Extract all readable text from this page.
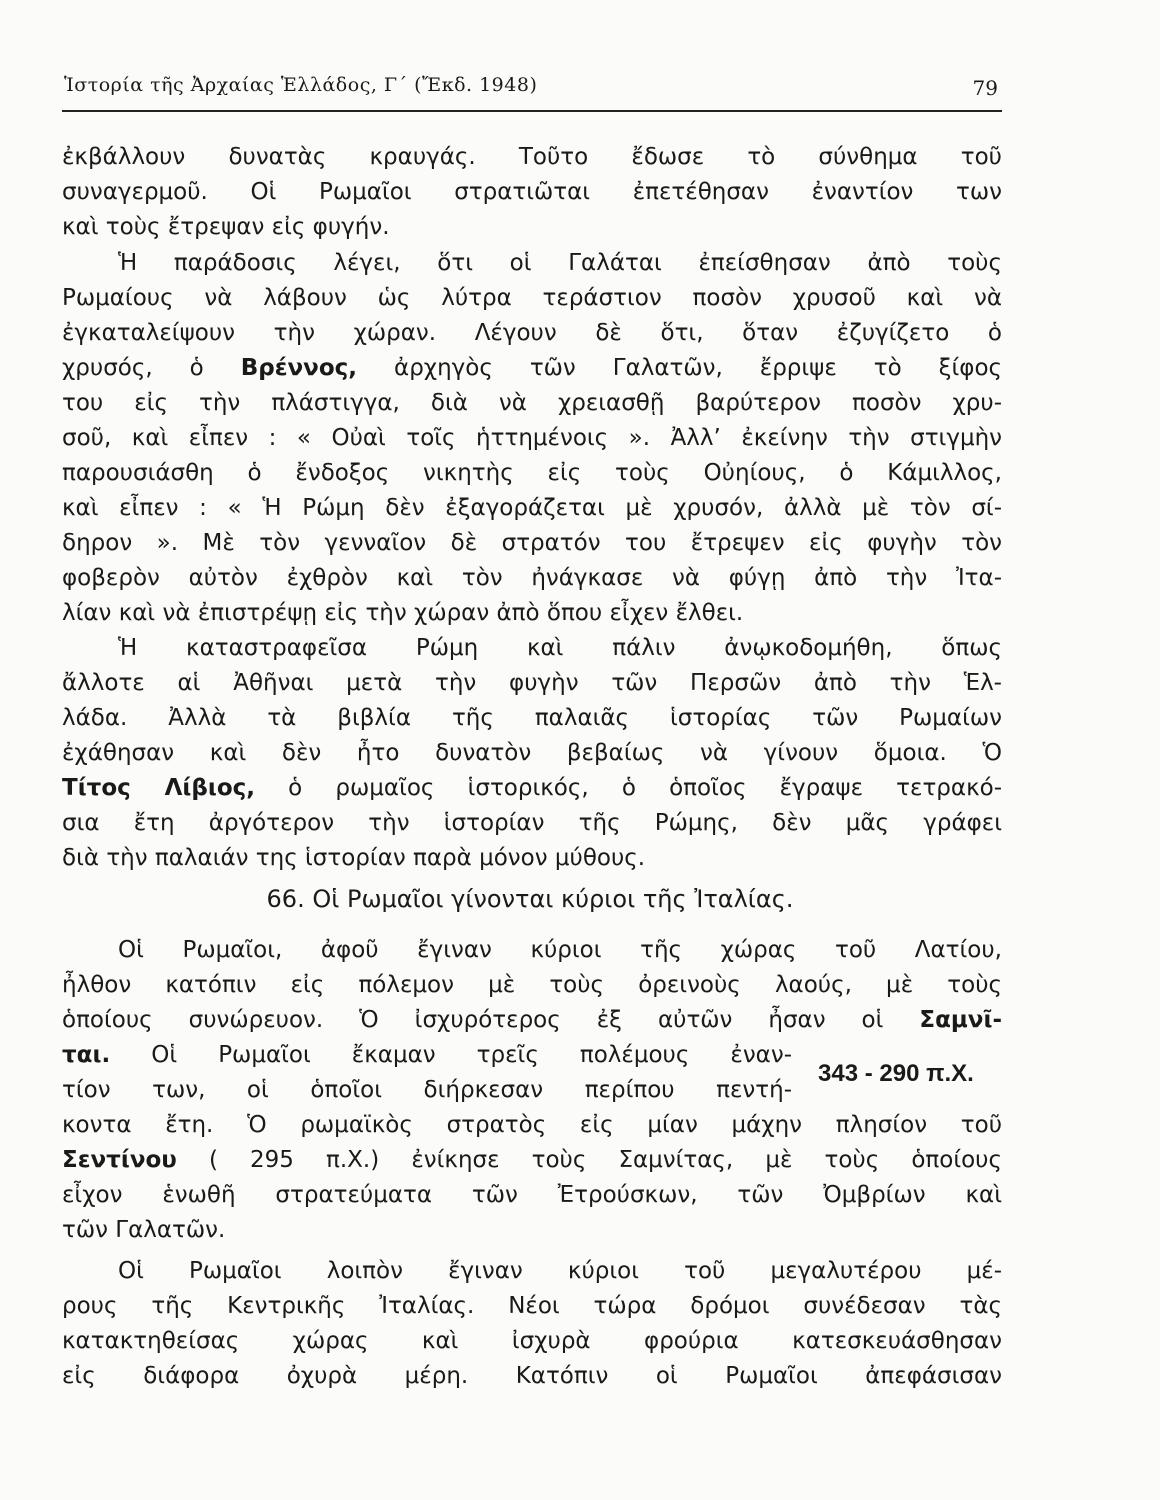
Ἱστορία τῆς Ἀρχαίας Ἑλλάδος, Γ΄ (Ἔκδ. 1948)	79
ἐκβάλλουν δυνατὰς κραυγάς. Τοῦτο ἔδωσε τὸ σύνθημα τοῦ
συναγερμοῦ. Οἱ Ρωμαῖοι στρατιῶται ἐπετέθησαν ἐναντίον των
καὶ τοὺς ἔτρεψαν εἰς φυγήν.
Ἡ παράδοσις λέγει, ὅτι οἱ Γαλάται ἐπείσθησαν ἀπὸ τοὺς
Ρωμαίους νὰ λάβουν ὡς λύτρα τεράστιον ποσὸν χρυσοῦ καὶ νὰ
ἐγκαταλείψουν τὴν χώραν. Λέγουν δὲ ὅτι, ὅταν ἐζυγίζετο ὁ
χρυσός, ὁ Βρέννος, ἀρχηγὸς τῶν Γαλατῶν, ἔρριψε τὸ ξίφος
του εἰς τὴν πλάστιγγα, διὰ νὰ χρειασθῇ βαρύτερον ποσὸν χρυ-
σοῦ, καὶ εἶπεν : « Οὐαὶ τοῖς ἡττημένοις ». Ἀλλ’ ἐκείνην τὴν στιγμὴν
παρουσιάσθη ὁ ἔνδοξος νικητὴς εἰς τοὺς Οὐηίους, ὁ Κάμιλλος,
καὶ εἶπεν : « Ἡ Ρώμη δὲν ἐξαγοράζεται μὲ χρυσόν, ἀλλὰ μὲ τὸν σί-
δηρον ». Μὲ τὸν γενναῖον δὲ στρατόν του ἔτρεψεν εἰς φυγὴν τὸν
φοβερὸν αὐτὸν ἐχθρὸν καὶ τὸν ἠνάγκασε νὰ φύγῃ ἀπὸ τὴν Ἰτα-
λίαν καὶ νὰ ἐπιστρέψῃ εἰς τὴν χώραν ἀπὸ ὅπου εἶχεν ἔλθει.
Ἡ καταστραφεῖσα Ρώμη καὶ πάλιν ἀνῳκοδομήθη, ὅπως
ἄλλοτε αἱ Ἀθῆναι μετὰ τὴν φυγὴν τῶν Περσῶν ἀπὸ τὴν Ἑλ-
λάδα. Ἀλλὰ τὰ βιβλία τῆς παλαιᾶς ἱστορίας τῶν Ρωμαίων
ἐχάθησαν καὶ δὲν ἦτο δυνατὸν βεβαίως νὰ γίνουν ὅμοια. Ὁ
Τίτος Λίβιος, ὁ ρωμαῖος ἱστορικός, ὁ ὁποῖος ἔγραψε τετρακό-
σια ἔτη ἀργότερον τὴν ἱστορίαν τῆς Ρώμης, δὲν μᾶς γράφει
διὰ τὴν παλαιάν της ἱστορίαν παρὰ μόνον μύθους.
66. Οἱ Ρωμαῖοι γίνονται κύριοι τῆς Ἰταλίας.
Οἱ Ρωμαῖοι, ἀφοῦ ἔγιναν κύριοι τῆς χώρας τοῦ Λατίου,
ἦλθον κατόπιν εἰς πόλεμον μὲ τοὺς ὀρεινοὺς λαούς, μὲ τοὺς
ὁποίους συνώρευον. Ὁ ἰσχυρότερος ἐξ αὐτῶν ἦσαν οἱ Σαμνῖ-
ται. Οἱ Ρωμαῖοι ἔκαμαν τρεῖς πολέμους ἐναν-
τίον των, οἱ ὁποῖοι διήρκεσαν περίπου πεντή-
343 - 290 π.Χ.
κοντα ἔτη. Ὁ ρωμαϊκὸς στρατὸς εἰς μίαν μάχην πλησίον τοῦ
Σεντίνου ( 295 π.Χ.) ἐνίκησε τοὺς Σαμνίτας, μὲ τοὺς ὁποίους
εἶχον ἑνωθῆ στρατεύματα τῶν Ἐτρούσκων, τῶν Ὀμβρίων καὶ
τῶν Γαλατῶν.
Οἱ Ρωμαῖοι λοιπὸν ἔγιναν κύριοι τοῦ μεγαλυτέρου μέ-
ρους τῆς Κεντρικῆς Ἰταλίας. Νέοι τώρα δρόμοι συνέδεσαν τὰς
κατακτηθείσας χώρας καὶ ἰσχυρὰ φρούρια κατεσκευάσθησαν
εἰς διάφορα ὀχυρὰ μέρη. Κατόπιν οἱ Ρωμαῖοι ἀπεφάσισαν
